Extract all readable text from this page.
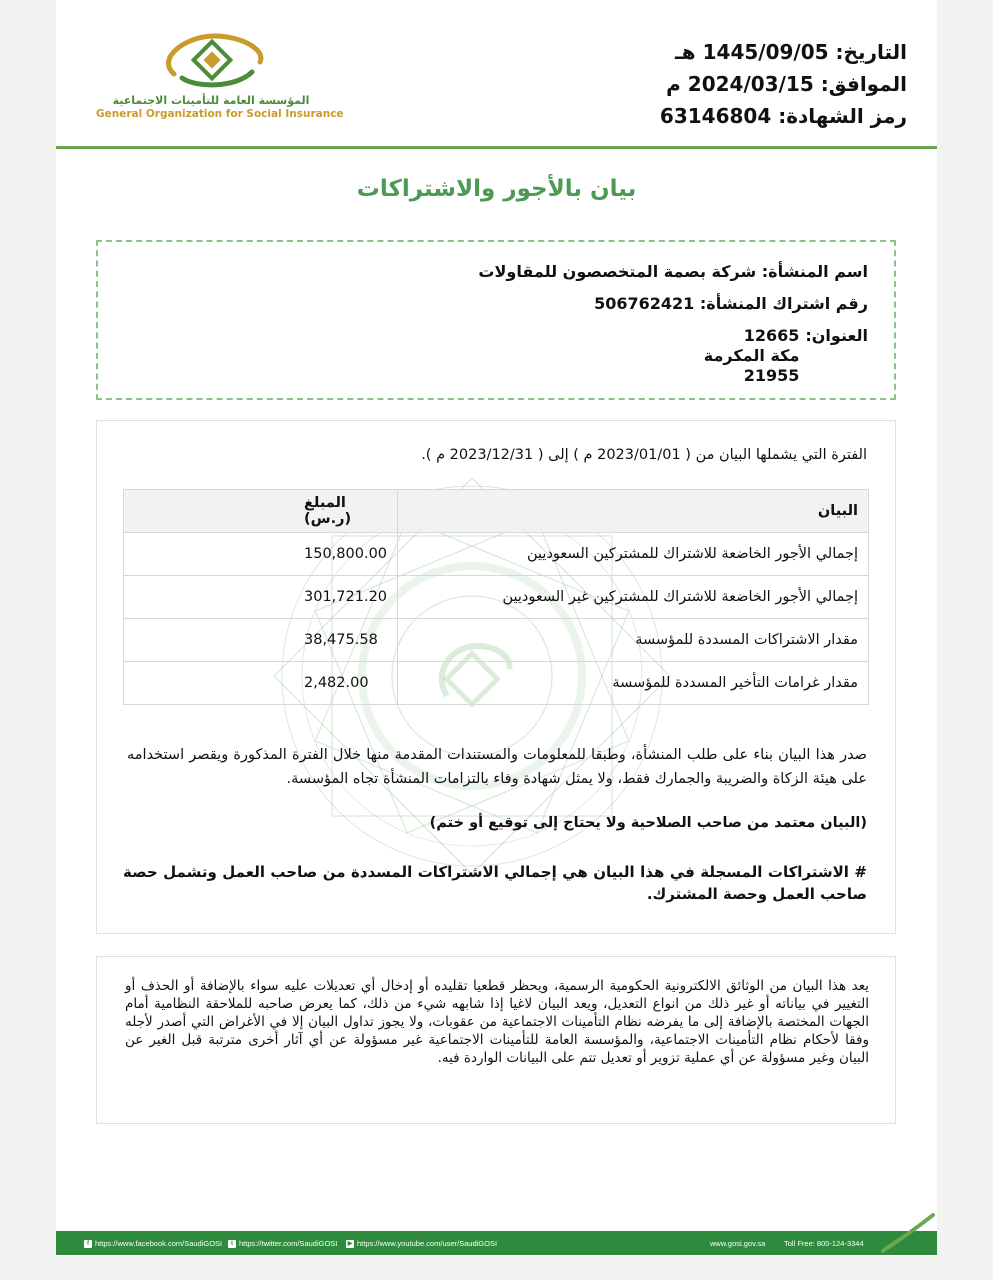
التاريخ: 1445/09/05 هـ
الموافق: 2024/03/15 م
رمز الشهادة: 63146804
المؤسسة العامة للتأمينات الاجتماعية
General Organization for Social Insurance
بيان بالأجور والاشتراكات
اسم المنشأة: شركة بصمة المتخصصون للمقاولات
رقم اشتراك المنشأة: 506762421
العنوان:
12665
مكة المكرمة
21955
الفترة التي يشملها البيان من ( 2023/01/01 م ) إلى ( 2023/12/31 م ).
البيان	المبلغ (ر.س)
إجمالي الأجور الخاضعة للاشتراك للمشتركين السعوديين	150,800.00
إجمالي الأجور الخاضعة للاشتراك للمشتركين غير السعوديين	301,721.20
مقدار الاشتراكات المسددة للمؤسسة	38,475.58
مقدار غرامات التأخير المسددة للمؤسسة	2,482.00
صدر هذا البيان بناء على طلب المنشأة، وطبقا للمعلومات والمستندات المقدمة منها خلال الفترة المذكورة ويقصر استخدامه على هيئة الزكاة والضريبة والجمارك فقط، ولا يمثل شهادة وفاء بالتزامات المنشأة تجاه المؤسسة.
(البيان معتمد من صاحب الصلاحية ولا يحتاج إلى توقيع أو ختم)
# الاشتراكات المسجلة في هذا البيان هي إجمالي الاشتراكات المسددة من صاحب العمل وتشمل حصة صاحب العمل وحصة المشترك.
يعد هذا البيان من الوثائق الالكترونية الحكومية الرسمية، ويحظر قطعيا تقليده أو إدخال أي تعديلات عليه سواء بالإضافة أو الحذف أو التغيير في بياناته أو غير ذلك من انواع التعديل، ويعد البيان لاغيا إذا شابهه شيء من ذلك، كما يعرض صاحبه للملاحقة النظامية أمام الجهات المختصة بالإضافة إلى ما يفرضه نظام التأمينات الاجتماعية من عقوبات، ولا يجوز تداول البيان إلا في الأغراض التي أصدر لأجله وفقا لأحكام نظام التأمينات الاجتماعية، والمؤسسة العامة للتأمينات الاجتماعية غير مسؤولة عن أي آثار أخرى مترتبة قبل الغير عن البيان وغير مسؤولة عن أي عملية تزوير أو تعديل تتم على البيانات الواردة فيه.
f https://www.facebook.com/SaudiGOSI	t https://twitter.com/SaudiGOSI ▶ https://www.youtube.com/user/SaudiGOSI	www.gosi.gov.sa Toll Free: 800-124-3344
